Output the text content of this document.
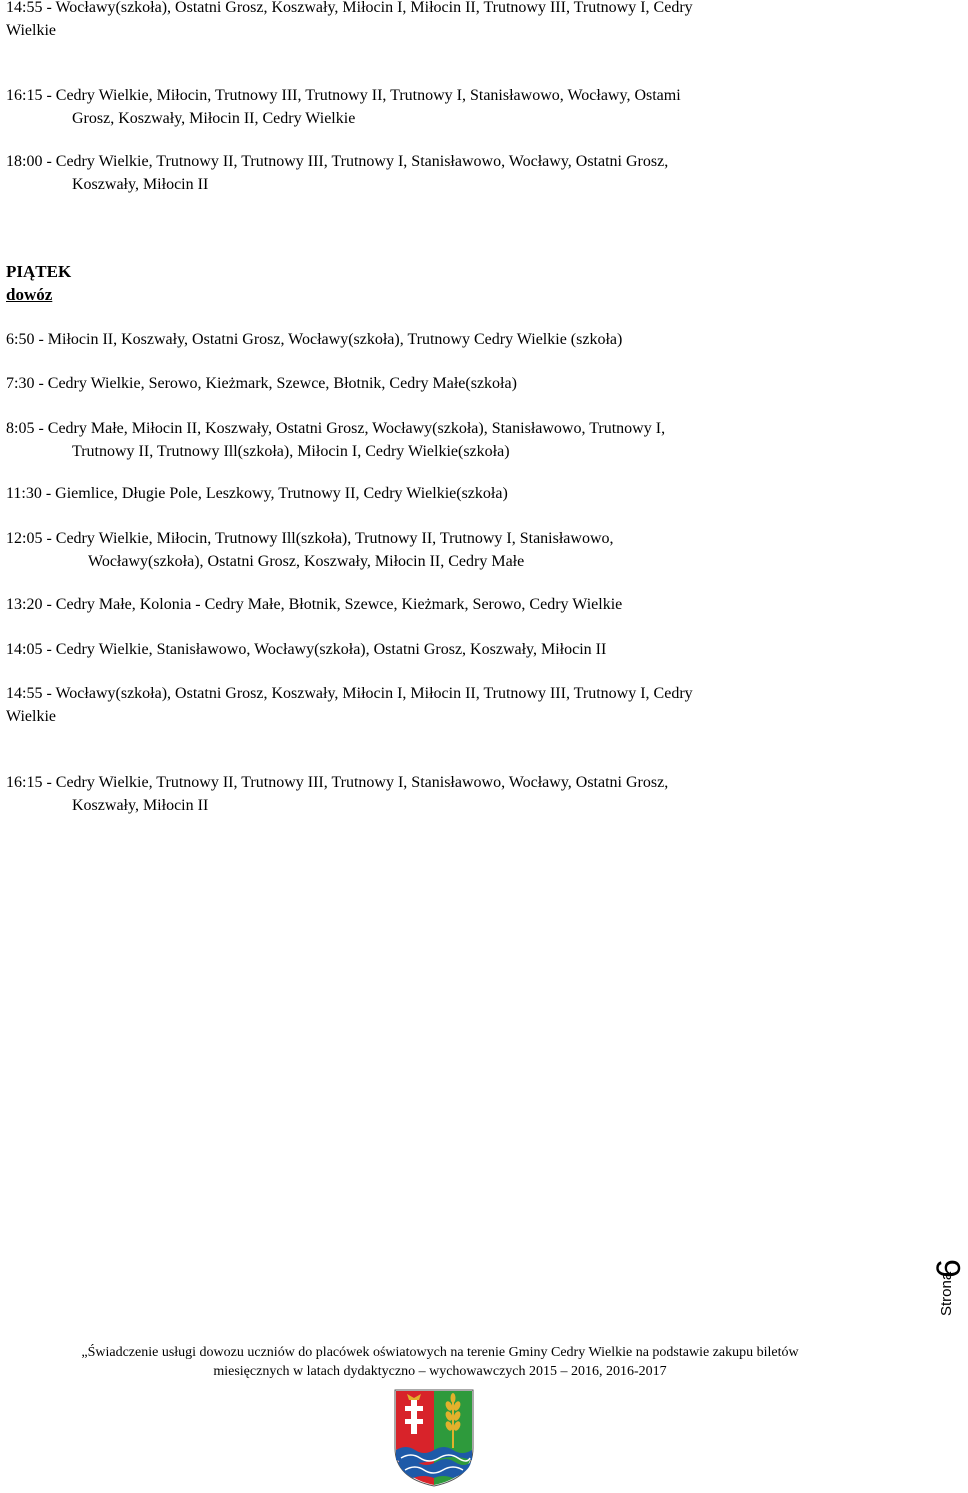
14:55 - Wocławy(szkoła), Ostatni Grosz, Koszwały, Miłocin I, Miłocin II, Trutnowy III, Trutnowy I, Cedry
Wielkie
16:15 - Cedry Wielkie, Miłocin, Trutnowy III, Trutnowy II, Trutnowy I, Stanisławowo, Wocławy, Ostami
Grosz, Koszwały, Miłocin II, Cedry Wielkie
18:00 - Cedry Wielkie, Trutnowy II, Trutnowy III, Trutnowy I, Stanisławowo, Wocławy, Ostatni Grosz,
Koszwały, Miłocin II
PIĄTEK
dowóz
6:50 - Miłocin II, Koszwały, Ostatni Grosz, Wocławy(szkoła), Trutnowy Cedry Wielkie (szkoła)
7:30 - Cedry Wielkie, Serowo, Kieżmark, Szewce, Błotnik, Cedry Małe(szkoła)
8:05 - Cedry Małe, Miłocin II, Koszwały, Ostatni Grosz, Wocławy(szkoła), Stanisławowo, Trutnowy I,
Trutnowy II, Trutnowy Ill(szkoła), Miłocin I, Cedry Wielkie(szkoła)
11:30 - Giemlice, Długie Pole, Leszkowy, Trutnowy II, Cedry Wielkie(szkoła)
12:05 - Cedry Wielkie, Miłocin, Trutnowy Ill(szkoła), Trutnowy II, Trutnowy I, Stanisławowo,
Wocławy(szkoła), Ostatni Grosz, Koszwały, Miłocin II, Cedry Małe
13:20 - Cedry Małe, Kolonia - Cedry Małe, Błotnik, Szewce, Kieżmark, Serowo, Cedry Wielkie
14:05 - Cedry Wielkie, Stanisławowo, Wocławy(szkoła), Ostatni Grosz, Koszwały, Miłocin II
14:55 - Wocławy(szkoła), Ostatni Grosz, Koszwały, Miłocin I, Miłocin II, Trutnowy III, Trutnowy I, Cedry
Wielkie
16:15 - Cedry Wielkie, Trutnowy II, Trutnowy III, Trutnowy I, Stanisławowo, Wocławy, Ostatni Grosz,
Koszwały, Miłocin II
Strona
6
„Świadczenie usługi dowozu uczniów do placówek oświatowych na terenie Gminy Cedry Wielkie na podstawie zakupu biletów
miesięcznych w latach dydaktyczno – wychowawczych 2015 – 2016, 2016-2017
